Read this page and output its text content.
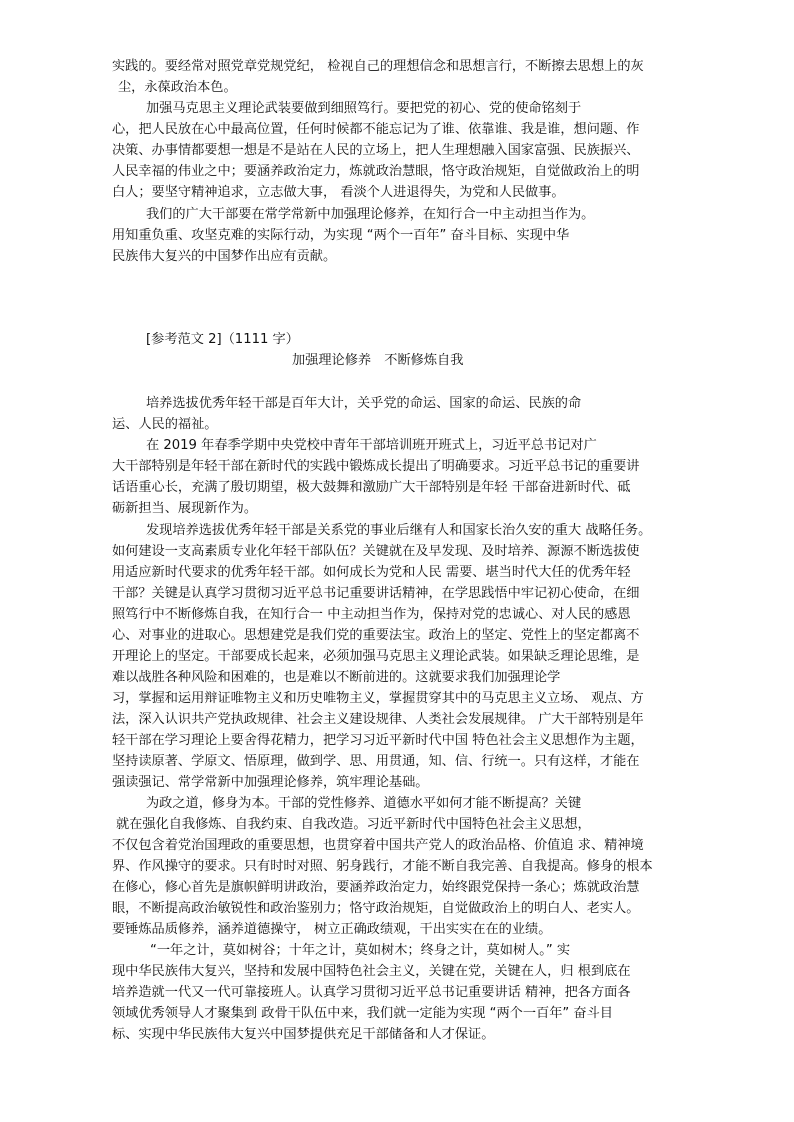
实践的。要经常对照党章党规党纪， 检视自己的理想信念和思想言行，不断擦去思想上的灰

尘，永葆政治本色。

加强马克思主义理论武装要做到细照笃行。要把党的初心、党的使命铭刻于

心，把人民放在心中最高位置，任何时候都不能忘记为了谁、依靠谁、我是谁，想问题、作

决策、办事情都要想一想是不是站在人民的立场上，把人生理想融入国家富强、民族振兴、

人民幸福的伟业之中；要涵养政治定力，炼就政治慧眼，恪守政治规矩，自觉做政治上的明

白人；要坚守精神追求，立志做大事， 看淡个人进退得失，为党和人民做事。

我们的广大干部要在常学常新中加强理论修养，在知行合一中主动担当作为。

用知重负重、攻坚克难的实际行动，为实现 “两个一百年” 奋斗目标、实现中华

民族伟大复兴的中国梦作出应有贡献。

[参考范文 2]（1111 字）

加强理论修养　不断修炼自我

培养选拔优秀年轻干部是百年大计，关乎党的命运、国家的命运、民族的命

运、人民的福祉。

在 2019 年春季学期中央党校中青年干部培训班开班式上，习近平总书记对广

大干部特别是年轻干部在新时代的实践中锻炼成长提出了明确要求。习近平总书记的重要讲

话语重心长，充满了殷切期望，极大鼓舞和激励广大干部特别是年轻 干部奋进新时代、砥

砺新担当、展现新作为。

发现培养选拔优秀年轻干部是关系党的事业后继有人和国家长治久安的重大 战略任务。

如何建设一支高素质专业化年轻干部队伍？关键就在及早发现、及时培养、源源不断选拔使

用适应新时代要求的优秀年轻干部。如何成长为党和人民 需要、堪当时代大任的优秀年轻

干部？关键是认真学习贯彻习近平总书记重要讲话精神，在学思践悟中牢记初心使命，在细

照笃行中不断修炼自我，在知行合一 中主动担当作为，保持对党的忠诚心、对人民的感恩

心、对事业的进取心。思想建党是我们党的重要法宝。政治上的坚定、党性上的坚定都离不

开理论上的坚定。干部要成长起来，必须加强马克思主义理论武装。如果缺乏理论思维，是

难以战胜各种风险和困难的，也是难以不断前进的。这就要求我们加强理论学

习，掌握和运用辩证唯物主义和历史唯物主义，掌握贯穿其中的马克思主义立场、 观点、方

法，深入认识共产党执政规律、社会主义建设规律、人类社会发展规律。 广大干部特别是年

轻干部在学习理论上要舍得花精力，把学习习近平新时代中国 特色社会主义思想作为主题，

坚持读原著、学原文、悟原理，做到学、思、用贯通，知、信、行统一。只有这样，才能在

强读强记、常学常新中加强理论修养，筑牢理论基础。

为政之道，修身为本。干部的党性修养、道德水平如何才能不断提高？关键

就在强化自我修炼、自我约束、自我改造。习近平新时代中国特色社会主义思想，

不仅包含着党治国理政的重要思想，也贯穿着中国共产党人的政治品格、价值追 求、精神境

界、作风操守的要求。只有时时对照、躬身践行，才能不断自我完善、自我提高。修身的根本

在修心，修心首先是旗帜鲜明讲政治，要涵养政治定力，始终跟党保持一条心；炼就政治慧

眼，不断提高政治敏锐性和政治鉴别力；恪守政治规矩，自觉做政治上的明白人、老实人。

要锤炼品质修养，涵养道德操守， 树立正确政绩观，干出实实在在的业绩。

“一年之计，莫如树谷；十年之计，莫如树木；终身之计，莫如树人。” 实

现中华民族伟大复兴，坚持和发展中国特色社会主义，关键在党，关键在人，归 根到底在

培养造就一代又一代可靠接班人。认真学习贯彻习近平总书记重要讲话 精神，把各方面各

领域优秀领导人才聚集到 政骨干队伍中来，我们就一定能为实现 “两个一百年” 奋斗目

标、实现中华民族伟大复兴中国梦提供充足干部储备和人才保证。
